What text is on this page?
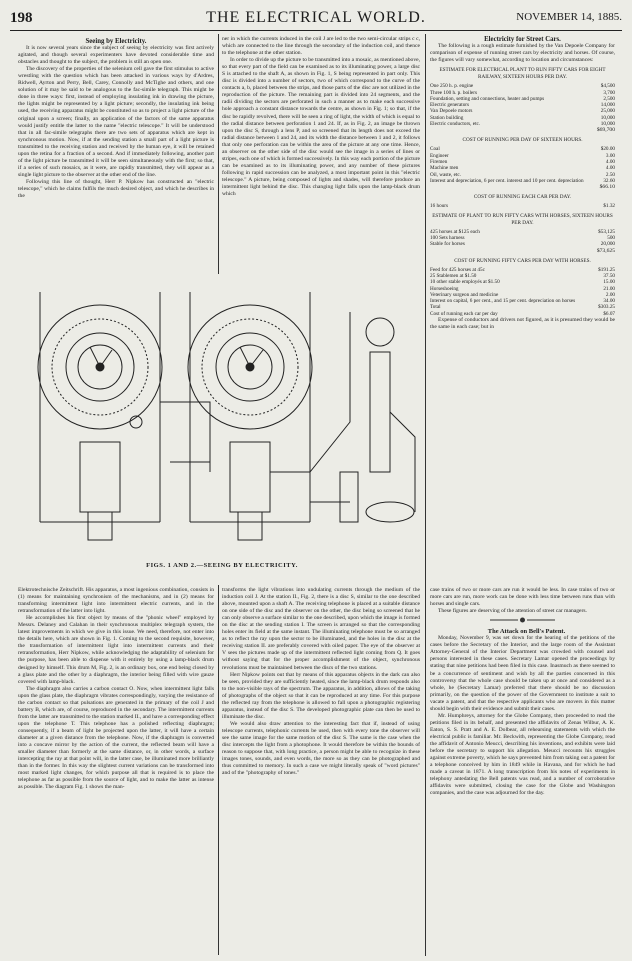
198	THE ELECTRICAL WORLD.	NOVEMBER 14, 1885.

Seeing by Electricity.

It is now several years since the subject of seeing by electricity was first actively agitated, and though several experimenters have devoted considerable time and obstacles and thought to the subject, the problem is still an open one.

The discovery of the properties of the selenium cell gave the first stimulus to active wrestling with the question which has been attacked in various ways by d'Ardres, Ridwell, Ayrton and Perry, Bell, Carey, Connolly and McTighe and others, and one solution of it may be said to be analogous to the fac-simile telegraph. This might be done in three ways: first, instead of employing insulating ink in drawing the picture, the lights might be represented by a light picture; secondly, the insulating ink being used, the receiving apparatus might be constituted so as to project a light picture of the original upon a screen; finally, an application of the factors of the same apparatus would justify entitle the latter to the name "electric telescope." It will be understood that in all fac-simile telegraphs there are two sets of apparatus which are kept in synchronous motion. Now, if at the sending station a small part of a light picture is transmitted to the receiving station and received by the human eye, it will be retained upon the retina for a fraction of a second. And if immediately following, another part of the light picture be transmitted it will be seen simultaneously with the first; so that, if a series of such mosaics, as it were, are rapidly transmitted, they will appear as a single light picture to the observer at the other end of the line.

Following this line of thought, Herr P. Nipkow has constructed an "electric telescope," which he claims fulfils the much desired object, and which he describes in the

ner in which the currents induced in the coil J are led to the two semi-circular strips c c, which are connected to the line through the secondary of the induction coil, and thence to the telephone at the other station.

In order to divide up the picture to be transmitted into a mosaic, as mentioned above, so that every part of the field can be examined as to its illuminating power, a large disc S is attached to the shaft A, as shown in Fig. 1, S being represented in part only. This disc is divided into a number of sectors, two of which correspond to the curve of the contacts a, b, placed between the strips, and those parts of the disc are not utilized in the reproduction of the picture. The remaining part is divided into 24 segments, and the radii dividing the sectors are perforated in such a manner as to make each successive hole approach a constant distance towards the centre, as shown in Fig. 1; so that, if the disc be rapidly revolved, there will be seen a ring of light, the width of which is equal to the radial distance between perforation 1 and 24. If, as in Fig. 2, an image be thrown upon the disc S, through a lens P, and so screened that its length does not exceed the radial distance between 1 and 24, and its width the distance between 1 and 2, it follows that only one perforation can be within the area of the picture at any one time. Hence, an observer on the other side of the disc would see the image in a series of lines or stripes, each one of which is formed successively. In this way each portion of the picture can be examined as to its illuminating power, and any number of these pictures following in rapid succession can be analyzed, a most important point in this "electric telescope." A picture, being composed of lights and shades, will therefore produce an intermittent light behind the disc. This changing light falls upon the lamp-black drum which

Electricity for Street Cars.

The following is a rough estimate furnished by the Van Depoele Company for comparison of expense of running street cars by electricity and horses. Of course, the figures will vary somewhat, according to location and circumstances:

ESTIMATE FOR ELECTRICAL PLANT TO RUN FIFTY CARS FOR EIGHT RAILWAY, SIXTEEN HOURS PER DAY.
One 250 h. p. engine	$4,500
Three 100 h. p. boilers	3,700
Foundation, setting and connections, heater and pumps	2,500
Electric generators	14,000
Van Depoele motors	25,000
Station building	10,000
Electric conductors, etc.	10,000
$69,700
COST OF RUNNING PER DAY OF SIXTEEN HOURS.
Coal	$20.00
Engineer	3.00
Firemen	4.00
Machine men	4.00
Oil, waste, etc.	2.50
Interest and depreciation, 6 per cent. interest and 10 per cent. depreciation	32.60
$66.10
COST OF RUNNING EACH CAR PER DAY.
16 hours	$1.32
ESTIMATE OF PLANT TO RUN FIFTY CARS WITH HORSES, SIXTEEN HOURS PER DAY.
425 horses at $125 each	$53,125
100 Sets harness	500
Stable for horses	20,000
$73,625
COST OF RUNNING FIFTY CARS PER DAY WITH HORSES.
Feed for 425 horses at 45c	$191.25
25 Stablemen at $1.50	37.50
10 other stable employés at $1.50	15.00
Horseshoeing	21.00
Veterinary surgeon and medicine	2.00
Interest on capital, 6 per cent., and 15 per cent. depreciation on horses	34.00
Total	$303.25
Cost of running each car per day	$6.07

Expense of conductors and drivers not figured, as it is presumed they would be the same in each case; but in

FIGS. 1 AND 2.—SEEING BY ELECTRICITY.

Elektrotechnische Zeitschrift. His apparatus, a most ingenious combination, consists in (1) means for maintaining synchronism of the mechanisms, and in (2) means for transforming intermittent light into intermittent electric currents, and in the retransformation of the latter into light.

He accomplishes his first object by means of the "phonic wheel" employed by Messrs. Delaney and Calahan in their synchronous multiplex telegraph system, the latest improvements in which we give in this issue. We need, therefore, not enter into the details here, which are shown in Fig. 1. Coming to the second requisite, however, the transformation of intermittent light into intermittent currents and their retransformation, Herr Nipkow, while acknowledging the adaptability of selenium for the purpose, has been able to dispense with it entirely by using a lamp-black drum designed by himself. This drum M, Fig. 2, is an ordinary box, one end being closed by a glass plate and the other by a diaphragm, the interior being filled with wire gauze covered with lamp-black.

The diaphragm also carries a carbon contact O. Now, when intermittent light falls upon the glass plate, the diaphragm vibrates correspondingly, varying the resistance of the carbon contact so that pulsations are generated in the primary of the coil J and battery B, which are, of course, reproduced in the secondary. The intermittent currents from the latter are transmitted to the station marked II., and have a corresponding effect upon the telephone T. This telephone has a polished reflecting diaphragm; consequently, if a beam of light be projected upon the latter, it will have a certain diameter at a given distance from the telephone. Now, if the diaphragm is converted into a concave mirror by the action of the current, the reflected beam will have a smaller diameter than formerly at the same distance, or, in other words, a surface intercepting the ray at that point will, in the latter case, be illuminated more brilliantly than in the former. In this way the slightest current variations can be transformed into most marked light changes, for which purpose all that is required is to place the telephone as far as possible from the source of light, and to make the latter as intense as possible. The diagram Fig. 1 shows the man-

transforms the light vibrations into undulating currents through the medium of the induction coil J. At the station II., Fig. 2, there is a disc S, similar to the one described above, mounted upon a shaft A. The receiving telephone is placed at a suitable distance on one side of the disc and the observer on the other, the disc being so screened that he can only observe a surface similar to the one described, upon which the image is formed on the disc at the sending station I. The screen is arranged so that the corresponding holes enter its field at the same instant. The illuminating telephone must be so arranged as to reflect the ray upon the sector to be illuminated, and the holes in the disc at the receiving station II. are preferably covered with oiled paper. The eye of the observer at V sees the pictures made up of the intermittent reflected light coming from Q. It goes without saying that for the proper accomplishment of the object, synchronous revolutions must be maintained between the discs of the two stations.

Herr Nipkow points out that by means of this apparatus objects in the dark can also be seen, provided they are sufficiently heated, since the lamp-black drum responds also to the non-visible rays of the spectrum. The apparatus, in addition, allows of the taking of photographs of the object so that it can be reproduced at any time. For this purpose the reflected ray from the telephone is allowed to fall upon a photographic registering apparatus, instead of the disc S. The developed photographic plate can then be used to illuminate the disc.

We would also draw attention to the interesting fact that if, instead of using telescope currents, telephonic currents be used, then with every tone the observer will see the same image for the same motion of the disc S. The same is the case when the disc intercepts the light from a photophone. It would therefore be within the bounds of reason to suppose that, with long practice, a person might be able to recognize in these images tones, sounds, and even words, the more so as they can be photographed and thus committed to memory. In such a case we might literally speak of "word pictures" and of the "photography of tones."

case trains of two or more cars are run it would be less. In case trains of two or more cars are run, more work can be done with less time between runs than with horses and single cars.

These figures are deserving of the attention of street car managers.

The Attack on Bell's Patent.

Monday, November 9, was set down for the hearing of the petitions of the cases before the Secretary of the Interior, and the large room of the Assistant Attorney-General of the Interior Department was crowded with counsel and persons interested in these cases. Secretary Lamar opened the proceedings by stating that nine petitions had been filed in this case. Inasmuch as there seemed to be a concurrence of sentiment and wish by all the parties concerned in this controversy that the whole case should be taken up at once and considered as a whole, he (Secretary Lamar) preferred that there should be no discussion primarily, on the question of the power of the Government to institute a suit to vacate a patent, and that the respective applicants who are movers in this matter should begin with their evidence and submit their cases.

Mr. Humphreys, attorney for the Globe Company, then proceeded to read the petitions filed in its behalf, and presented the affidavits of Zenas Wilbur, A. K. Eaton, S. S. Pratt and A. E. Dolbear, all rehearsing statements with which the electrical public is familiar. Mr. Beckwith, representing the Globe Company, read the affidavit of Antonio Meucci, describing his inventions, and exhibits were laid before the secretary to support his allegation. Meucci recounts his struggles against extreme poverty, which he says prevented him from taking out a patent for a telephone conceived by him in 1849 while in Havana, and for which he had made a caveat in 1871. A long transcription from his notes of experiments in telephony antedating the Bell patents was read, and a number of corroborative affidavits were submitted, closing the case for the Globe and Washington companies, and the case was adjourned for the day.
